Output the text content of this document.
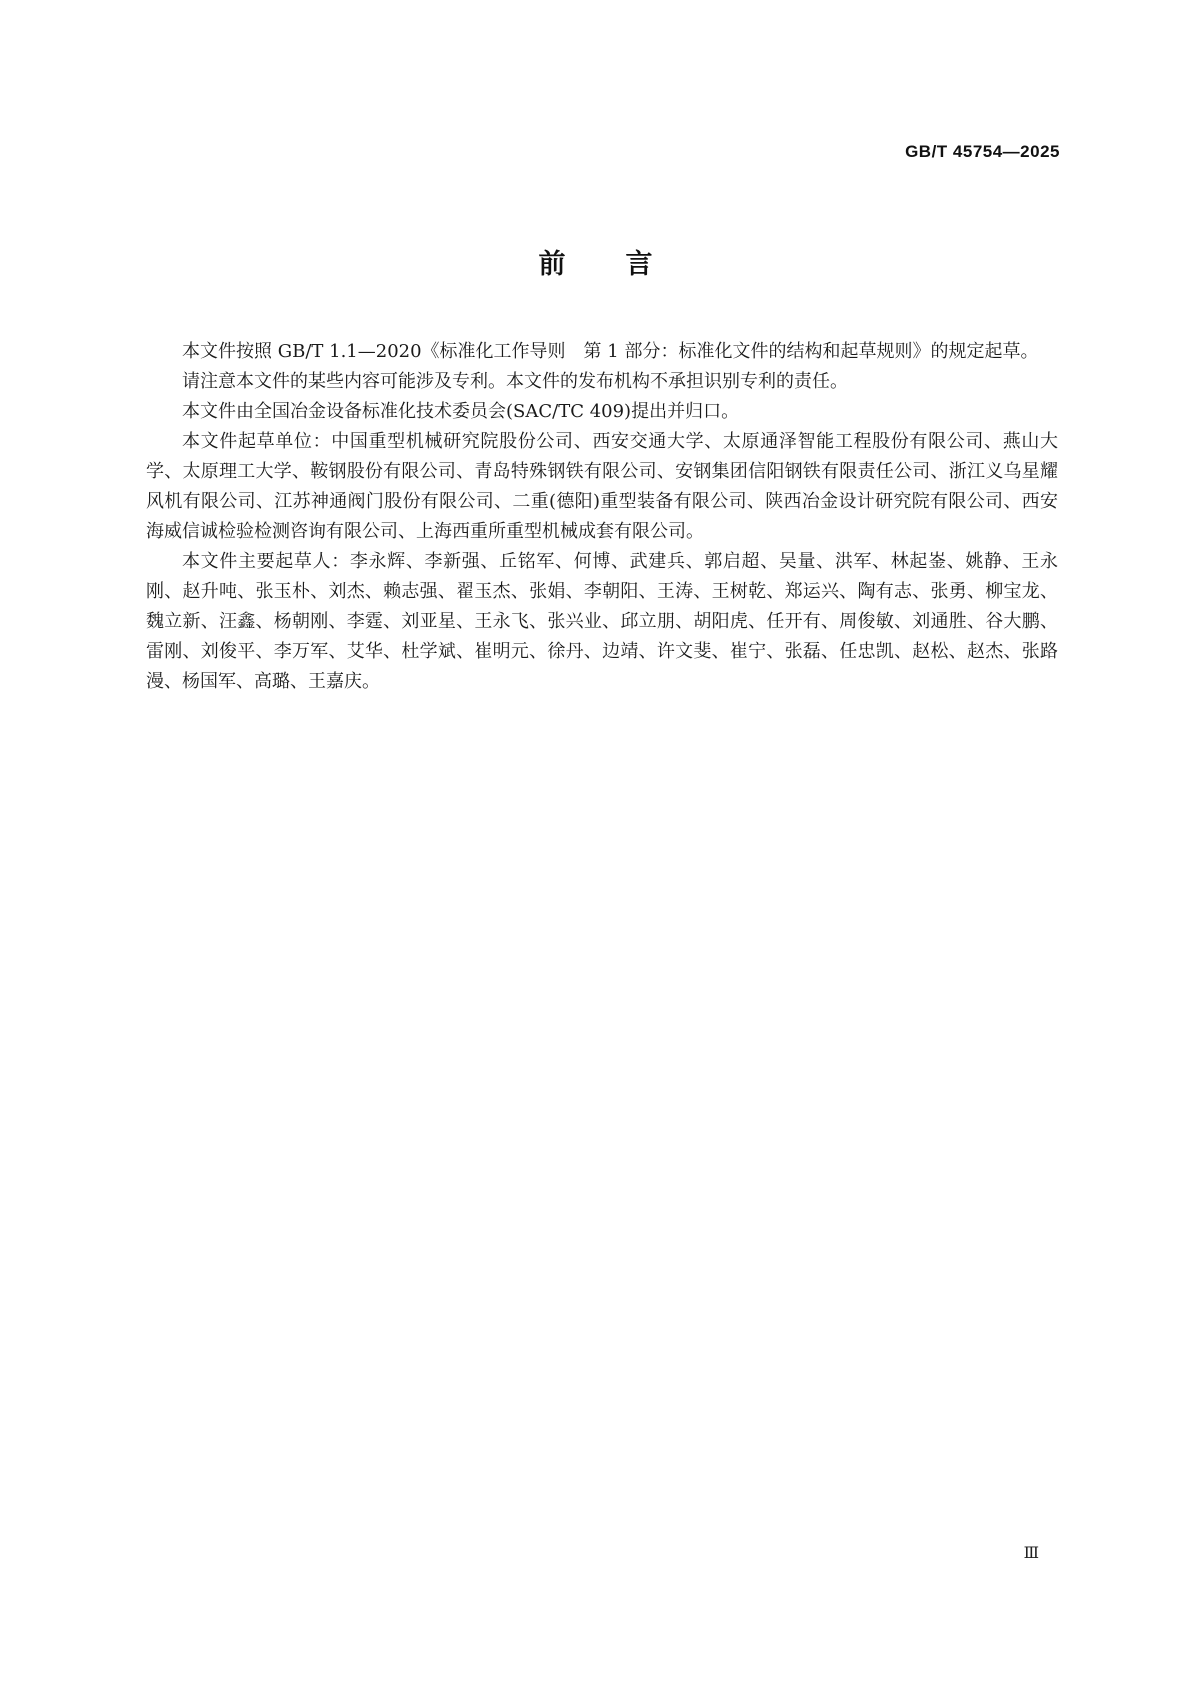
GB/T 45754—2025
前言

本文件按照 GB/T 1.1—2020《标准化工作导则　第 1 部分：标准化文件的结构和起草规则》的规定起草。

请注意本文件的某些内容可能涉及专利。本文件的发布机构不承担识别专利的责任。

本文件由全国冶金设备标准化技术委员会(SAC/TC 409)提出并归口。

本文件起草单位：中国重型机械研究院股份公司、西安交通大学、太原通泽智能工程股份有限公司、燕山大学、太原理工大学、鞍钢股份有限公司、青岛特殊钢铁有限公司、安钢集团信阳钢铁有限责任公司、浙江义乌星耀风机有限公司、江苏神通阀门股份有限公司、二重(德阳)重型装备有限公司、陕西冶金设计研究院有限公司、西安海威信诚检验检测咨询有限公司、上海西重所重型机械成套有限公司。

本文件主要起草人：李永辉、李新强、丘铭军、何博、武建兵、郭启超、吴量、洪军、林起崟、姚静、王永刚、赵升吨、张玉朴、刘杰、赖志强、翟玉杰、张娟、李朝阳、王涛、王树乾、郑运兴、陶有志、张勇、柳宝龙、魏立新、汪鑫、杨朝刚、李霆、刘亚星、王永飞、张兴业、邱立朋、胡阳虎、任开有、周俊敏、刘通胜、谷大鹏、雷刚、刘俊平、李万军、艾华、杜学斌、崔明元、徐丹、边靖、许文斐、崔宁、张磊、任忠凯、赵松、赵杰、张路漫、杨国军、高璐、王嘉庆。

Ⅲ
